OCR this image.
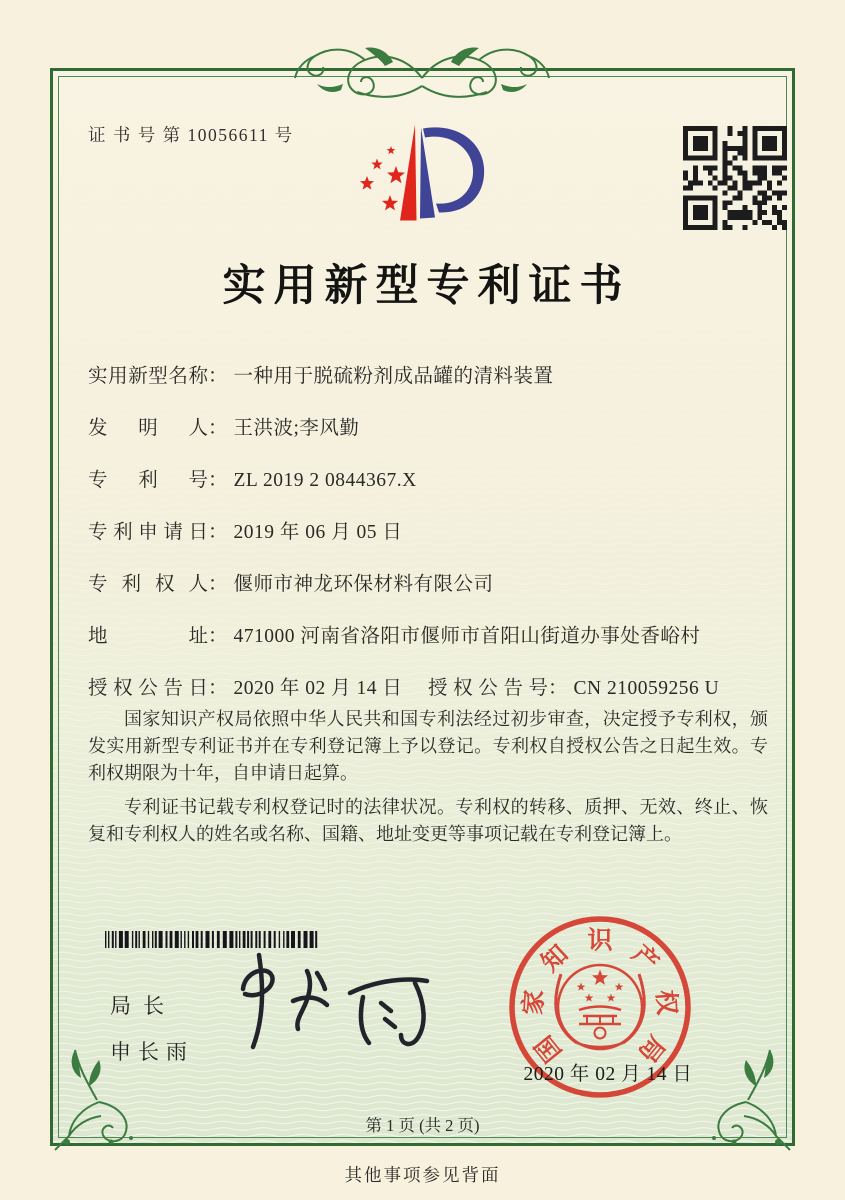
证 书 号 第 10056611 号
实用新型专利证书
实用新型名称： 一种用于脱硫粉剂成品罐的清料装置
发明人： 王洪波;李风勤
专利号： ZL 2019 2 0844367.X
专利申请日： 2019 年 06 月 05 日
专利权人： 偃师市神龙环保材料有限公司
地址： 471000 河南省洛阳市偃师市首阳山街道办事处香峪村
授权公告日： 2020 年 02 月 14 日 授权公告号： CN 210059256 U

国家知识产权局依照中华人民共和国专利法经过初步审查，决定授予专利权，颁发实用新型专利证书并在专利登记簿上予以登记。专利权自授权公告之日起生效。专利权期限为十年，自申请日起算。

专利证书记载专利权登记时的法律状况。专利权的转移、质押、无效、终止、恢复和专利权人的姓名或名称、国籍、地址变更等事项记载在专利登记簿上。

局长
申长雨	国
家
知 识 产
权
局
2020 年 02 月 14 日
第 1 页 (共 2 页)
其他事项参见背面
